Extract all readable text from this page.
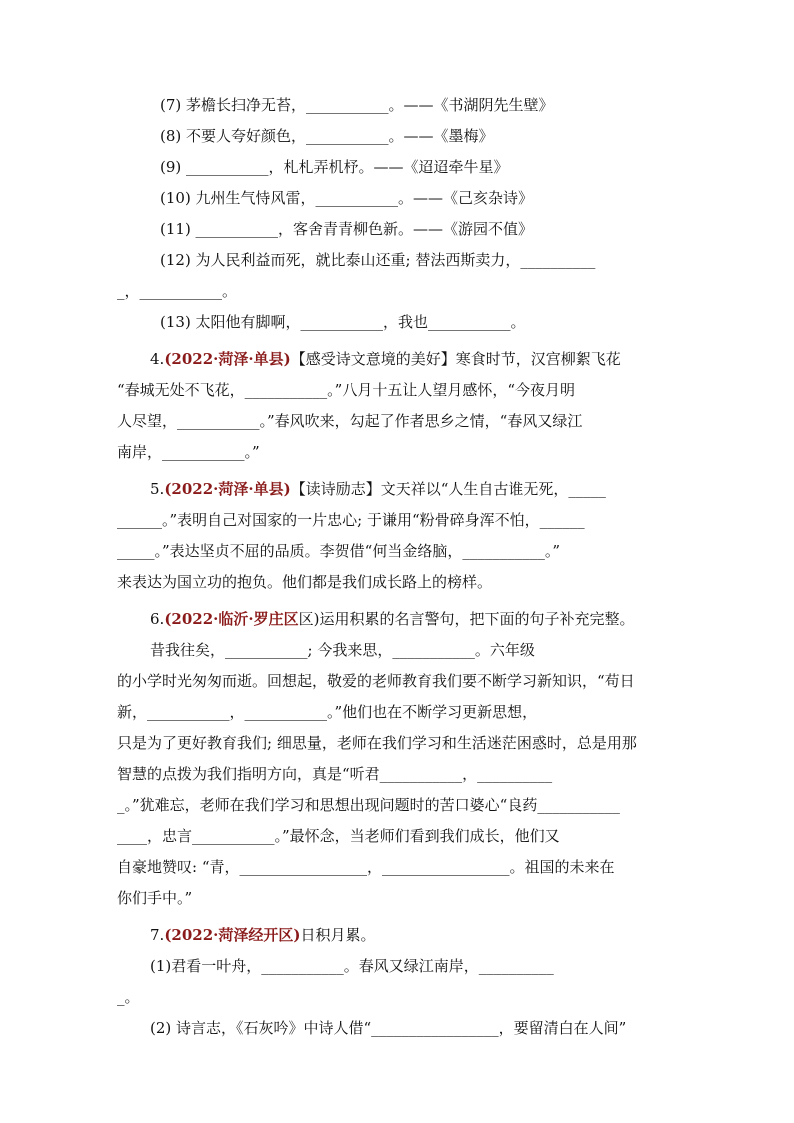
(7) 茅檐长扫净无苔，___________。——《书湖阴先生壁》
(8) 不要人夸好颜色，___________。——《墨梅》
(9) ___________，札札弄机杼。——《迢迢牵牛星》
(10) 九州生气恃风雷，___________。——《己亥杂诗》
(11) ___________，客舍青青柳色新。——《游园不值》
(12) 为人民利益而死，就比泰山还重; 替法西斯卖力，__________
_，___________。
(13) 太阳他有脚啊，___________，我也___________。
4.(2022·菏泽·单县)【感受诗文意境的美好】寒食时节，汉宫柳絮飞花
“春城无处不飞花，___________。”八月十五让人望月感怀，“今夜月明
人尽望，___________。”春风吹来，勾起了作者思乡之情，“春风又绿江
南岸，___________。”
5.(2022·菏泽·单县)【读诗励志】文天祥以“人生自古谁无死，_____
______。”表明自己对国家的一片忠心; 于谦用“粉骨碎身浑不怕，______
_____。”表达坚贞不屈的品质。李贺借“何当金络脑，___________。”
来表达为国立功的抱负。他们都是我们成长路上的榜样。
6.(2022·临沂·罗庄区区)运用积累的名言警句，把下面的句子补充完整。
昔我往矣，___________; 今我来思，___________。六年级
的小学时光匆匆而逝。回想起，敬爱的老师教育我们要不断学习新知识，“苟日
新，___________，___________。”他们也在不断学习更新思想，
只是为了更好教育我们; 细思量，老师在我们学习和生活迷茫困惑时，总是用那
智慧的点拨为我们指明方向，真是“听君___________，__________
_。”犹难忘，老师在我们学习和思想出现问题时的苦口婆心“良药___________
____，忠言___________。”最怀念，当老师们看到我们成长，他们又
自豪地赞叹: “青，_________________，_________________。祖国的未来在
你们手中。”
7.(2022·菏泽经开区)日积月累。
(1)君看一叶舟，___________。春风又绿江南岸，__________
_。
(2) 诗言志，《石灰吟》中诗人借“_________________，要留清白在人间”
